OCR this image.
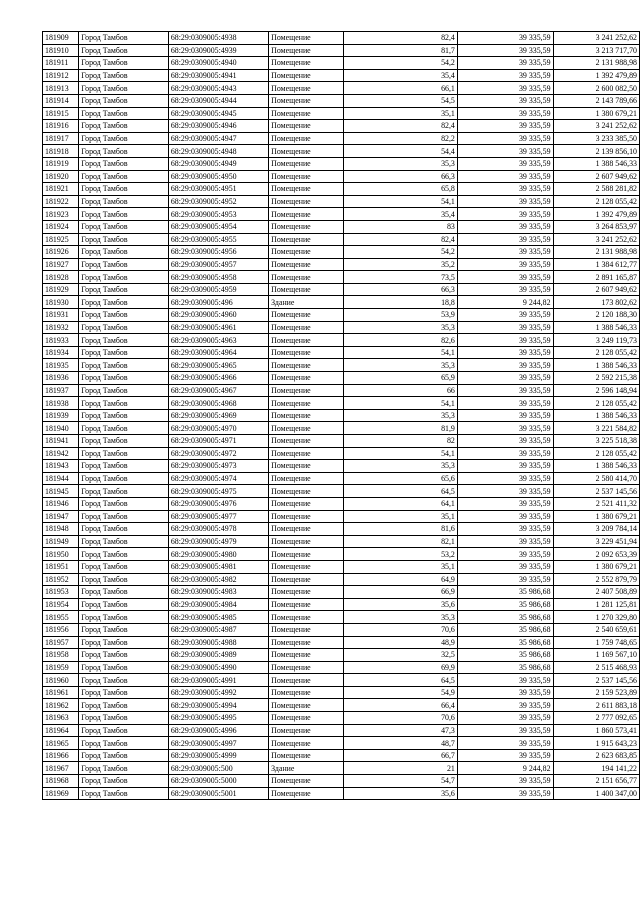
181909	Город Тамбов	68:29:0309005:4938	Помещение	82,4	39 335,59	3 241 252,62
181910	Город Тамбов	68:29:0309005:4939	Помещение	81,7	39 335,59	3 213 717,70
181911	Город Тамбов	68:29:0309005:4940	Помещение	54,2	39 335,59	2 131 988,98
181912	Город Тамбов	68:29:0309005:4941	Помещение	35,4	39 335,59	1 392 479,89
181913	Город Тамбов	68:29:0309005:4943	Помещение	66,1	39 335,59	2 600 082,50
181914	Город Тамбов	68:29:0309005:4944	Помещение	54,5	39 335,59	2 143 789,66
181915	Город Тамбов	68:29:0309005:4945	Помещение	35,1	39 335,59	1 380 679,21
181916	Город Тамбов	68:29:0309005:4946	Помещение	82,4	39 335,59	3 241 252,62
181917	Город Тамбов	68:29:0309005:4947	Помещение	82,2	39 335,59	3 233 385,50
181918	Город Тамбов	68:29:0309005:4948	Помещение	54,4	39 335,59	2 139 856,10
181919	Город Тамбов	68:29:0309005:4949	Помещение	35,3	39 335,59	1 388 546,33
181920	Город Тамбов	68:29:0309005:4950	Помещение	66,3	39 335,59	2 607 949,62
181921	Город Тамбов	68:29:0309005:4951	Помещение	65,8	39 335,59	2 588 281,82
181922	Город Тамбов	68:29:0309005:4952	Помещение	54,1	39 335,59	2 128 055,42
181923	Город Тамбов	68:29:0309005:4953	Помещение	35,4	39 335,59	1 392 479,89
181924	Город Тамбов	68:29:0309005:4954	Помещение	83	39 335,59	3 264 853,97
181925	Город Тамбов	68:29:0309005:4955	Помещение	82,4	39 335,59	3 241 252,62
181926	Город Тамбов	68:29:0309005:4956	Помещение	54,2	39 335,59	2 131 988,98
181927	Город Тамбов	68:29:0309005:4957	Помещение	35,2	39 335,59	1 384 612,77
181928	Город Тамбов	68:29:0309005:4958	Помещение	73,5	39 335,59	2 891 165,87
181929	Город Тамбов	68:29:0309005:4959	Помещение	66,3	39 335,59	2 607 949,62
181930	Город Тамбов	68:29:0309005:496	Здание	18,8	9 244,82	173 802,62
181931	Город Тамбов	68:29:0309005:4960	Помещение	53,9	39 335,59	2 120 188,30
181932	Город Тамбов	68:29:0309005:4961	Помещение	35,3	39 335,59	1 388 546,33
181933	Город Тамбов	68:29:0309005:4963	Помещение	82,6	39 335,59	3 249 119,73
181934	Город Тамбов	68:29:0309005:4964	Помещение	54,1	39 335,59	2 128 055,42
181935	Город Тамбов	68:29:0309005:4965	Помещение	35,3	39 335,59	1 388 546,33
181936	Город Тамбов	68:29:0309005:4966	Помещение	65,9	39 335,59	2 592 215,38
181937	Город Тамбов	68:29:0309005:4967	Помещение	66	39 335,59	2 596 148,94
181938	Город Тамбов	68:29:0309005:4968	Помещение	54,1	39 335,59	2 128 055,42
181939	Город Тамбов	68:29:0309005:4969	Помещение	35,3	39 335,59	1 388 546,33
181940	Город Тамбов	68:29:0309005:4970	Помещение	81,9	39 335,59	3 221 584,82
181941	Город Тамбов	68:29:0309005:4971	Помещение	82	39 335,59	3 225 518,38
181942	Город Тамбов	68:29:0309005:4972	Помещение	54,1	39 335,59	2 128 055,42
181943	Город Тамбов	68:29:0309005:4973	Помещение	35,3	39 335,59	1 388 546,33
181944	Город Тамбов	68:29:0309005:4974	Помещение	65,6	39 335,59	2 580 414,70
181945	Город Тамбов	68:29:0309005:4975	Помещение	64,5	39 335,59	2 537 145,56
181946	Город Тамбов	68:29:0309005:4976	Помещение	64,1	39 335,59	2 521 411,32
181947	Город Тамбов	68:29:0309005:4977	Помещение	35,1	39 335,59	1 380 679,21
181948	Город Тамбов	68:29:0309005:4978	Помещение	81,6	39 335,59	3 209 784,14
181949	Город Тамбов	68:29:0309005:4979	Помещение	82,1	39 335,59	3 229 451,94
181950	Город Тамбов	68:29:0309005:4980	Помещение	53,2	39 335,59	2 092 653,39
181951	Город Тамбов	68:29:0309005:4981	Помещение	35,1	39 335,59	1 380 679,21
181952	Город Тамбов	68:29:0309005:4982	Помещение	64,9	39 335,59	2 552 879,79
181953	Город Тамбов	68:29:0309005:4983	Помещение	66,9	35 986,68	2 407 508,89
181954	Город Тамбов	68:29:0309005:4984	Помещение	35,6	35 986,68	1 281 125,81
181955	Город Тамбов	68:29:0309005:4985	Помещение	35,3	35 986,68	1 270 329,80
181956	Город Тамбов	68:29:0309005:4987	Помещение	70,6	35 986,68	2 540 659,61
181957	Город Тамбов	68:29:0309005:4988	Помещение	48,9	35 986,68	1 759 748,65
181958	Город Тамбов	68:29:0309005:4989	Помещение	32,5	35 986,68	1 169 567,10
181959	Город Тамбов	68:29:0309005:4990	Помещение	69,9	35 986,68	2 515 468,93
181960	Город Тамбов	68:29:0309005:4991	Помещение	64,5	39 335,59	2 537 145,56
181961	Город Тамбов	68:29:0309005:4992	Помещение	54,9	39 335,59	2 159 523,89
181962	Город Тамбов	68:29:0309005:4994	Помещение	66,4	39 335,59	2 611 883,18
181963	Город Тамбов	68:29:0309005:4995	Помещение	70,6	39 335,59	2 777 092,65
181964	Город Тамбов	68:29:0309005:4996	Помещение	47,3	39 335,59	1 860 573,41
181965	Город Тамбов	68:29:0309005:4997	Помещение	48,7	39 335,59	1 915 643,23
181966	Город Тамбов	68:29:0309005:4999	Помещение	66,7	39 335,59	2 623 683,85
181967	Город Тамбов	68:29:0309005:500	Здание	21	9 244,82	194 141,22
181968	Город Тамбов	68:29:0309005:5000	Помещение	54,7	39 335,59	2 151 656,77
181969	Город Тамбов	68:29:0309005:5001	Помещение	35,6	39 335,59	1 400 347,00
